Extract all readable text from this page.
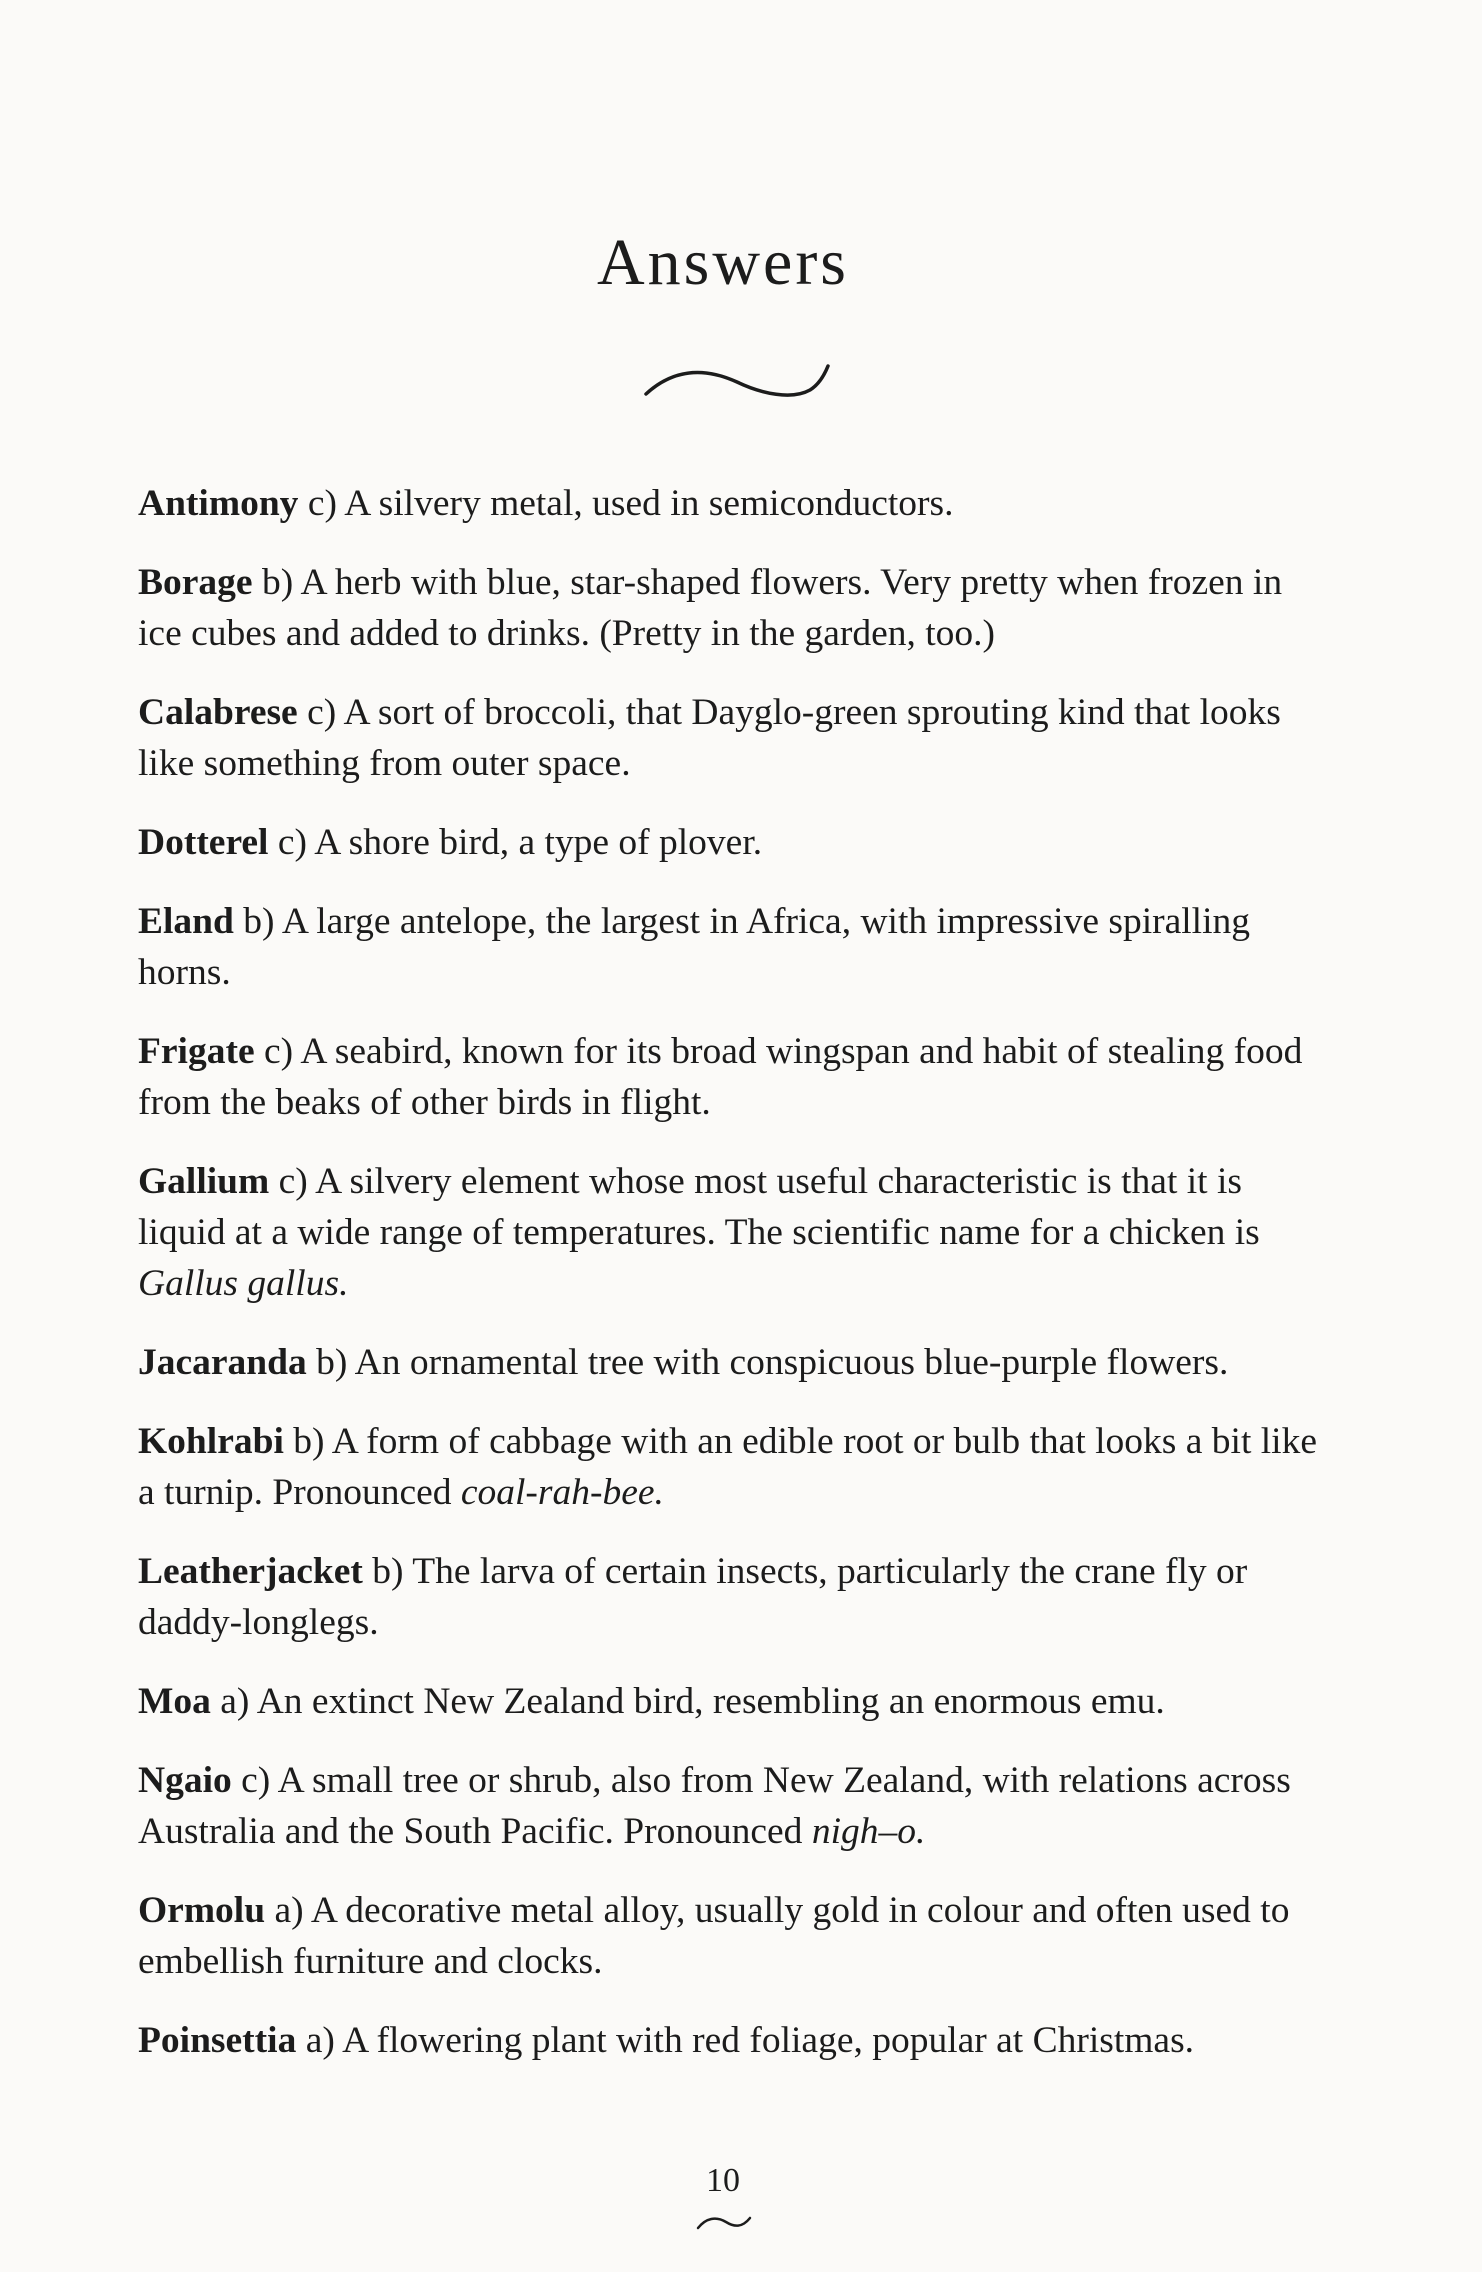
Answers

Antimony c) A silvery metal, used in semiconductors.

Borage b) A herb with blue, star-shaped flowers. Very pretty when frozen in ice cubes and added to drinks. (Pretty in the garden, too.)

Calabrese c) A sort of broccoli, that Dayglo-green sprouting kind that looks like something from outer space.

Dotterel c) A shore bird, a type of plover.

Eland b) A large antelope, the largest in Africa, with impressive spiralling horns.

Frigate c) A seabird, known for its broad wingspan and habit of stealing food from the beaks of other birds in flight.

Gallium c) A silvery element whose most useful characteristic is that it is liquid at a wide range of temperatures. The scientific name for a chicken is Gallus gallus.

Jacaranda b) An ornamental tree with conspicuous blue-purple flowers.

Kohlrabi b) A form of cabbage with an edible root or bulb that looks a bit like a turnip. Pronounced coal-rah-bee.

Leatherjacket b) The larva of certain insects, particularly the crane fly or daddy-longlegs.

Moa a) An extinct New Zealand bird, resembling an enormous emu.

Ngaio c) A small tree or shrub, also from New Zealand, with relations across Australia and the South Pacific. Pronounced nigh–o.

Ormolu a) A decorative metal alloy, usually gold in colour and often used to embellish furniture and clocks.

Poinsettia a) A flowering plant with red foliage, popular at Christmas.

10
